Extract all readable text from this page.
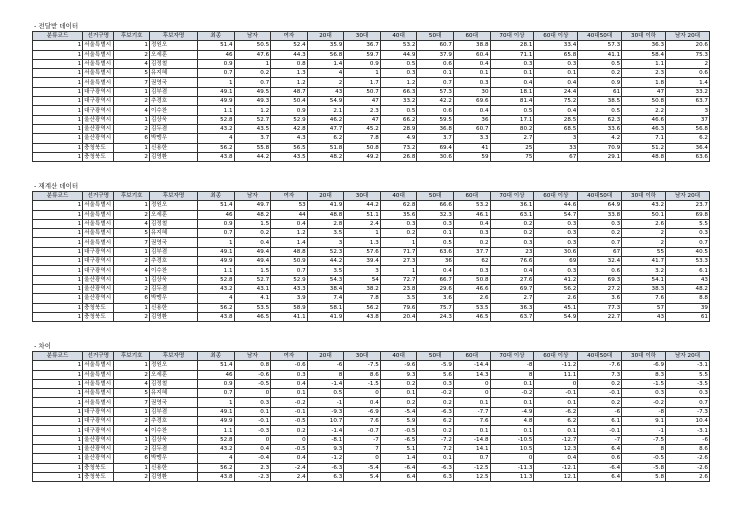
- 전달받 데이터
분류코드		선거구명	후보기호	후보자명	최종	남자	여자	20대	30대	40대	50대	60대	70대 이상	60대 이상	40대50대	30대 이하	남자 20대
	1	서울특별시	1	정원오	51.4	50.5	52.4	35.9	36.7	53.2	60.7	38.8	28.1	33.4	57.3	36.3	20.6
	1	서울특별시	2	오세훈	46	47.6	44.3	56.8	59.7	44.9	37.9	60.4	71.1	65.8	41.1	58.4	75.3
	1	서울특별시	4	김정철	0.9	1	0.8	1.4	0.9	0.5	0.6	0.4	0.3	0.3	0.5	1.1	2
	1	서울특별시	5	유지혜	0.7	0.2	1.3	4	1	0.3	0.1	0.1	0.1	0.1	0.2	2.3	0.6
	1	서울특별시	7	권영국	1	0.7	1.2	2	1.7	1.2	0.7	0.3	0.4	0.4	0.9	1.8	1.4
	1	대구광역시	1	김부겸	49.1	49.5	48.7	43	50.7	66.3	57.3	30	18.1	24.4	61	47	33.2
	1	대구광역시	2	추경호	49.9	49.3	50.4	54.9	47	33.2	42.2	69.6	81.4	75.2	38.5	50.8	63.7
	1	대구광역시	4	이수찬	1.1	1.2	0.9	2.1	2.3	0.5	0.6	0.4	0.5	0.4	0.5	2.2	3
	1	울산광역시	1	김상욱	52.8	52.7	52.9	46.2	47	66.2	59.5	36	17.1	28.5	62.3	46.6	37
	1	울산광역시	2	김두겸	43.2	43.5	42.8	47.7	45.2	28.9	36.8	60.7	80.2	68.5	33.6	46.3	56.8
	1	울산광역시	6	박맹우	4	3.7	4.3	6.2	7.8	4.9	3.7	3.3	2.7	3	4.2	7.1	6.2
	1	충청북도	1	신용한	56.2	55.8	56.5	51.8	50.8	73.2	69.4	41	25	33	70.9	51.2	36.4
	1	충청북도	2	김영환	43.8	44.2	43.5	48.2	49.2	26.8	30.6	59	75	67	29.1	48.8	63.6
- 재계산 데이터
분류코드		선거구명	후보기호	후보자명	최종	남자	여자	20대	30대	40대	50대	60대	70대 이상	60대 이상	40대50대	30대 이하	남자 20대
	1	서울특별시	1	정원오	51.4	49.7	53	41.9	44.2	62.8	66.6	53.2	36.1	44.6	64.9	43.2	23.7
	1	서울특별시	2	오세훈	46	48.2	44	48.8	51.1	35.6	32.3	46.1	63.1	54.7	33.8	50.1	69.8
	1	서울특별시	4	김정철	0.9	1.5	0.4	2.8	2.4	0.3	0.3	0.4	0.2	0.3	0.3	2.6	5.5
	1	서울특별시	5	유지혜	0.7	0.2	1.2	3.5	1	0.2	0.1	0.3	0.2	0.3	0.2	2	0.3
	1	서울특별시	7	권영국	1	0.4	1.4	3	1.3	1	0.5	0.2	0.3	0.3	0.7	2	0.7
	1	대구광역시	1	김부겸	49.1	49.4	48.8	52.3	57.6	71.7	63.6	37.7	23	30.6	67	55	40.5
	1	대구광역시	2	추경호	49.9	49.4	50.9	44.2	39.4	27.3	36	62	76.6	69	32.4	41.7	53.3
	1	대구광역시	4	이수찬	1.1	1.5	0.7	3.5	3	1	0.4	0.3	0.4	0.3	0.6	3.2	6.1
	1	울산광역시	1	김상욱	52.8	52.7	52.9	54.3	54	72.7	66.7	50.8	27.6	41.2	69.3	54.1	43
	1	울산광역시	2	김두겸	43.2	43.1	43.3	38.4	38.2	23.8	29.6	46.6	69.7	56.2	27.2	38.3	48.2
	1	울산광역시	6	박맹우	4	4.1	3.9	7.4	7.8	3.5	3.6	2.6	2.7	2.6	3.6	7.6	8.8
	1	충청북도	1	신용한	56.2	53.5	58.9	58.1	56.2	79.6	75.7	53.5	36.3	45.1	77.3	57	39
	1	충청북도	2	김영환	43.8	46.5	41.1	41.9	43.8	20.4	24.3	46.5	63.7	54.9	22.7	43	61
- 차이
분류코드		선거구명	후보기호	후보자명	최종	남자	여자	20대	30대	40대	50대	60대	70대 이상	60대 이상	40대50대	30대 이하	남자 20대
	1	서울특별시	1	정원오	51.4	0.8	-0.6	-6	-7.5	-9.6	-5.9	-14.4	-8	-11.2	-7.6	-6.9	-3.1
	1	서울특별시	2	오세훈	46	-0.6	0.3	8	8.6	9.3	5.6	14.3	8	11.1	7.3	8.3	5.5
	1	서울특별시	4	김정철	0.9	-0.5	0.4	-1.4	-1.5	0.2	0.3	0	0.1	0	0.2	-1.5	-3.5
	1	서울특별시	5	유지혜	0.7	0	0.1	0.5	0	0.1	-0.2	0	-0.2	-0.1	-0.1	0.3	0.3
	1	서울특별시	7	권영국	1	0.3	-0.2	-1	0.4	0.2	0.2	0.1	0.1	0.1	0.2	-0.2	0.7
	1	대구광역시	1	김부겸	49.1	0.1	-0.1	-9.3	-6.9	-5.4	-6.3	-7.7	-4.9	-6.2	-6	-8	-7.3
	1	대구광역시	2	추경호	49.9	-0.1	-0.5	10.7	7.6	5.9	6.2	7.6	4.8	6.2	6.1	9.1	10.4
	1	대구광역시	4	이수찬	1.1	-0.3	0.2	-1.4	-0.7	-0.5	0.2	0.1	0.1	0.1	-0.1	-1	-3.1
	1	울산광역시	1	김상욱	52.8	0	0	-8.1	-7	-6.5	-7.2	-14.8	-10.5	-12.7	-7	-7.5	-6
	1	울산광역시	2	김두겸	43.2	0.4	-0.5	9.3	7	5.1	7.2	14.1	10.5	12.3	6.4	8	8.6
	1	울산광역시	6	박맹우	4	-0.4	0.4	-1.2	0	1.4	0.1	0.7	0	0.4	0.6	-0.5	-2.6
	1	충청북도	1	신용한	56.2	2.3	-2.4	-6.3	-5.4	-6.4	-6.3	-12.5	-11.3	-12.1	-6.4	-5.8	-2.6
	1	충청북도	2	김영환	43.8	-2.3	2.4	6.3	5.4	6.4	6.3	12.5	11.3	12.1	6.4	5.8	2.6
